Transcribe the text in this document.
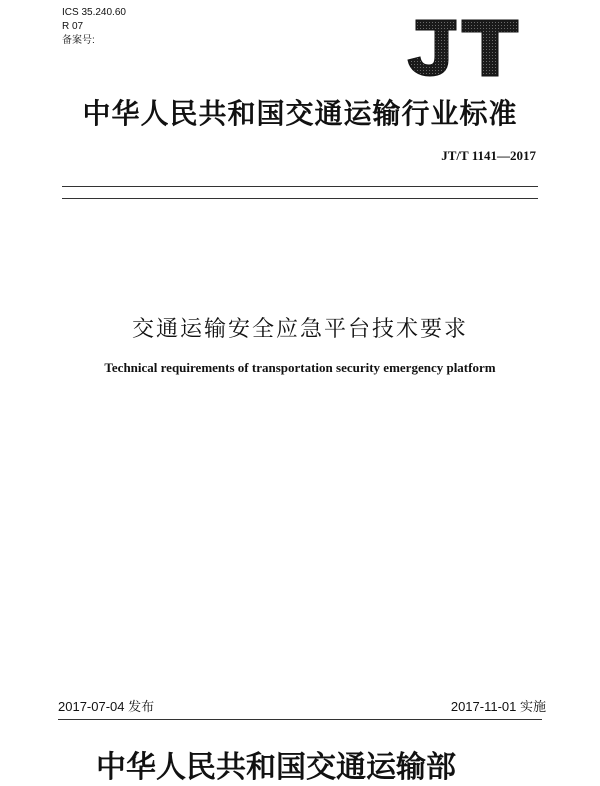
ICS 35.240.60
R 07
备案号:
JT
中华人民共和国交通运输行业标准
JT/T 1141—2017
交通运输安全应急平台技术要求
Technical requirements of transportation security emergency platform
2017-07-04 发布	2017-11-01 实施
中华人民共和国交通运输部
